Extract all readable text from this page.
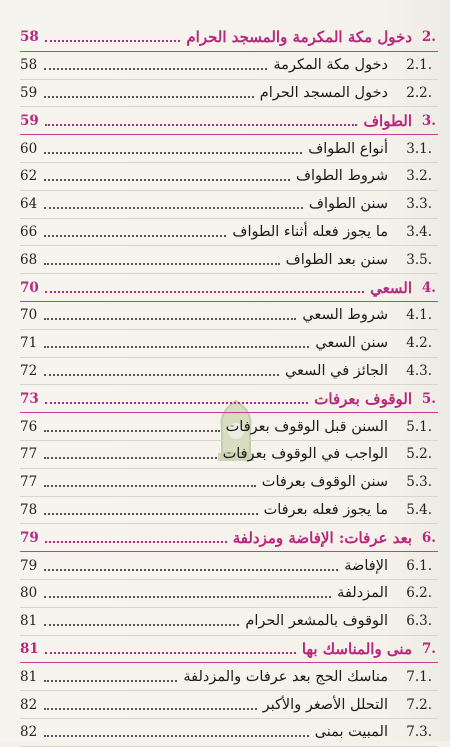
2.
دخول مكة المكرمة والمسجد الحرام
58
2.1.
دخول مكة المكرمة
58
2.2.
دخول المسجد الحرام
59
3.
الطواف
59
3.1.
أنواع الطواف
60
3.2.
شروط الطواف
62
3.3.
سنن الطواف
64
3.4.
ما يجوز فعله أثناء الطواف
66
3.5.
سنن بعد الطواف
68
4.
السعي
70
4.1.
شروط السعي
70
4.2.
سنن السعي
71
4.3.
الجائز في السعي
72
5.
الوقوف بعرفات
73
5.1.
السنن قبل الوقوف بعرفات
76
5.2.
الواجب في الوقوف بعرفات
77
5.3.
سنن الوقوف بعرفات
77
5.4.
ما يجوز فعله بعرفات
78
6.
بعد عرفات: الإفاضة ومزدلفة
79
6.1.
الإفاضة
79
6.2.
المزدلفة
80
6.3.
الوقوف بالمشعر الحرام
81
7.
منى والمناسك بها
81
7.1.
مناسك الحج بعد عرفات والمزدلفة
81
7.2.
التحلل الأصغر والأكبر
82
7.3.
المبيت بمنى
82
